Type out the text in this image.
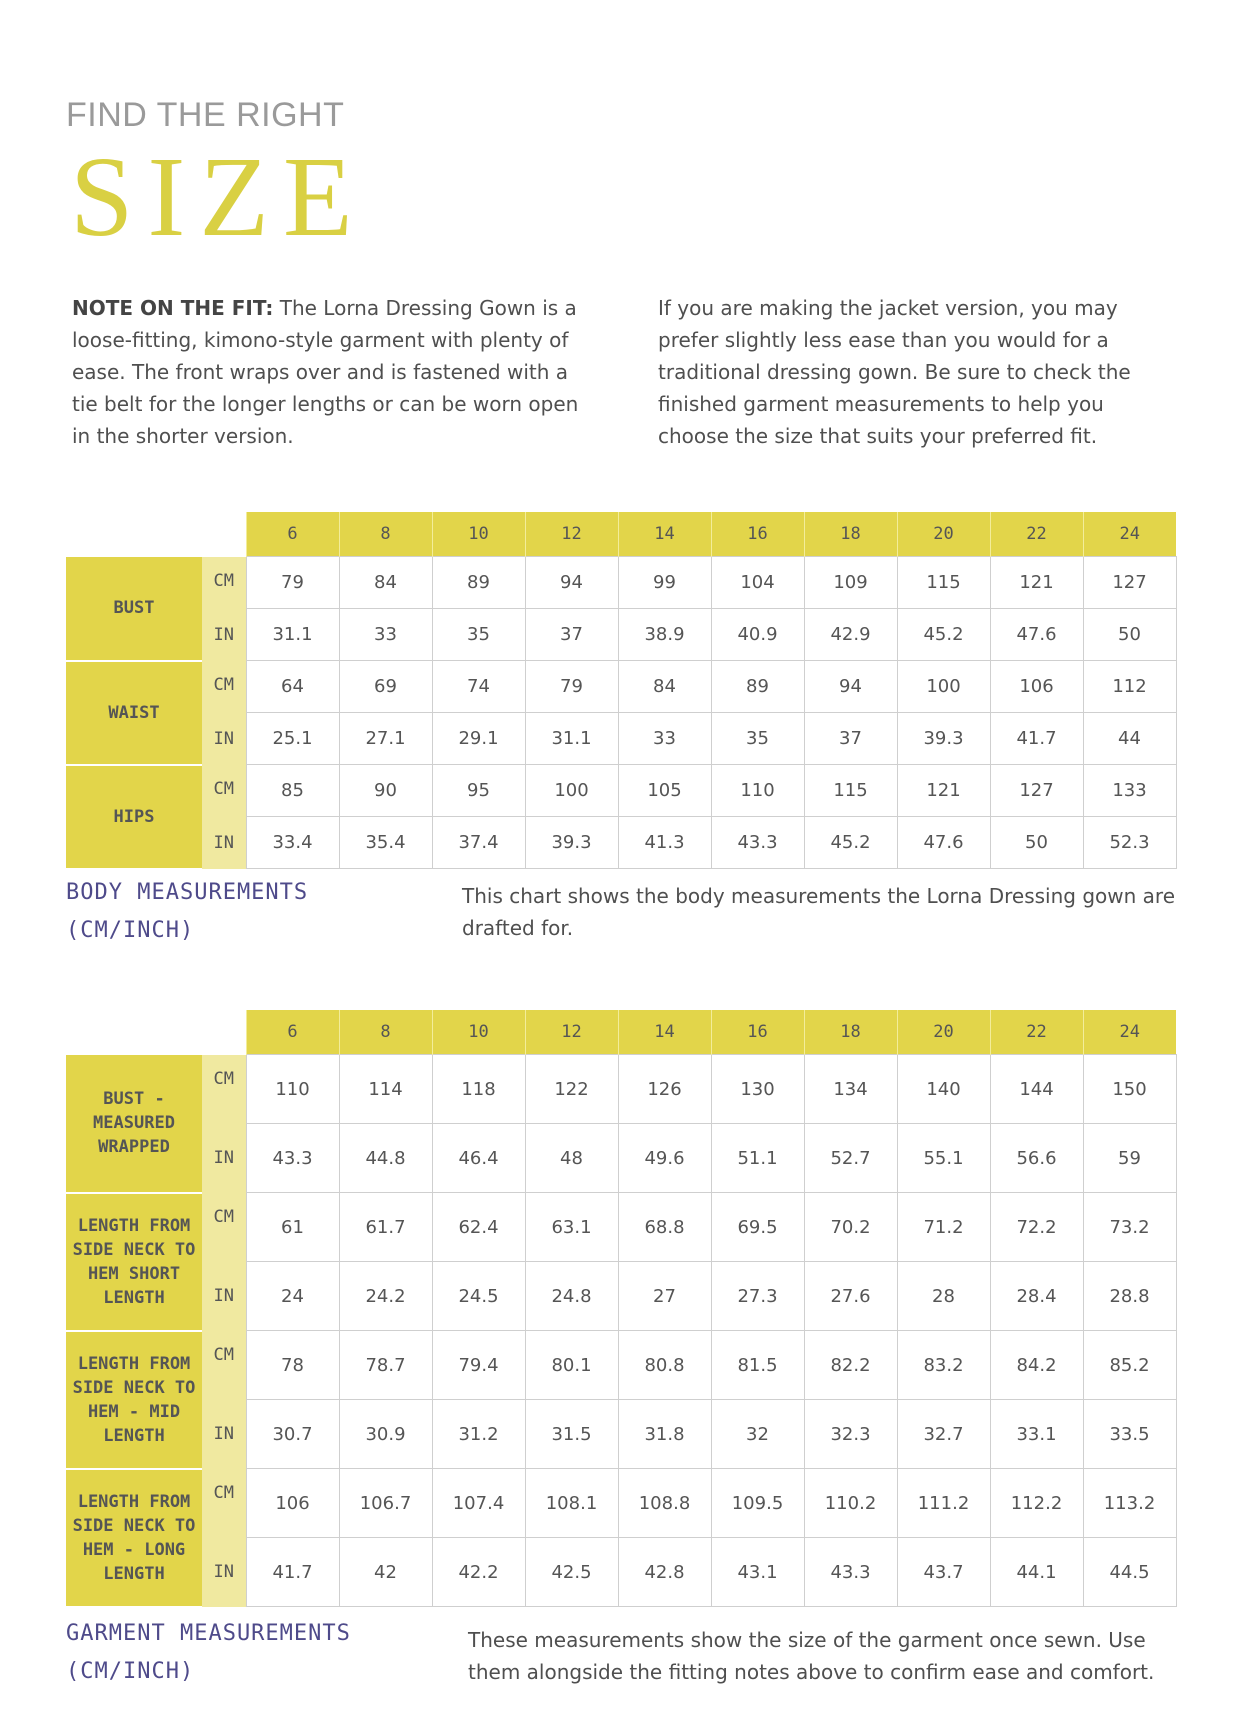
FIND THE RIGHT
SIZE
NOTE ON THE FIT: The Lorna Dressing Gown is a loose-fitting, kimono-style garment with plenty of ease. The front wraps over and is fastened with a tie belt for the longer lengths or can be worn open in the shorter version.
If you are making the jacket version, you may prefer slightly less ease than you would for a traditional dressing gown. Be sure to check the finished garment measurements to help you choose the size that suits your preferred fit.
		6	8	10	12	14	16	18	20	22	24
BUST	CM	79	84	89	94	99	104	109	115	121	127
	IN	31.1	33	35	37	38.9	40.9	42.9	45.2	47.6	50
WAIST	CM	64	69	74	79	84	89	94	100	106	112
	IN	25.1	27.1	29.1	31.1	33	35	37	39.3	41.7	44
HIPS	CM	85	90	95	100	105	110	115	121	127	133
	IN	33.4	35.4	37.4	39.3	41.3	43.3	45.2	47.6	50	52.3
BODY MEASUREMENTS
(CM/INCH)
This chart shows the body measurements the Lorna Dressing gown are drafted for.
		6	8	10	12	14	16	18	20	22	24
BUST - MEASURED WRAPPED	CM	110	114	118	122	126	130	134	140	144	150
	IN	43.3	44.8	46.4	48	49.6	51.1	52.7	55.1	56.6	59
LENGTH FROM SIDE NECK TO HEM SHORT LENGTH	CM	61	61.7	62.4	63.1	68.8	69.5	70.2	71.2	72.2	73.2
	IN	24	24.2	24.5	24.8	27	27.3	27.6	28	28.4	28.8
LENGTH FROM SIDE NECK TO HEM - MID LENGTH	CM	78	78.7	79.4	80.1	80.8	81.5	82.2	83.2	84.2	85.2
	IN	30.7	30.9	31.2	31.5	31.8	32	32.3	32.7	33.1	33.5
LENGTH FROM SIDE NECK TO HEM - LONG LENGTH	CM	106	106.7	107.4	108.1	108.8	109.5	110.2	111.2	112.2	113.2
	IN	41.7	42	42.2	42.5	42.8	43.1	43.3	43.7	44.1	44.5
GARMENT MEASUREMENTS
(CM/INCH)
These measurements show the size of the garment once sewn. Use them alongside the fitting notes above to confirm ease and comfort.
